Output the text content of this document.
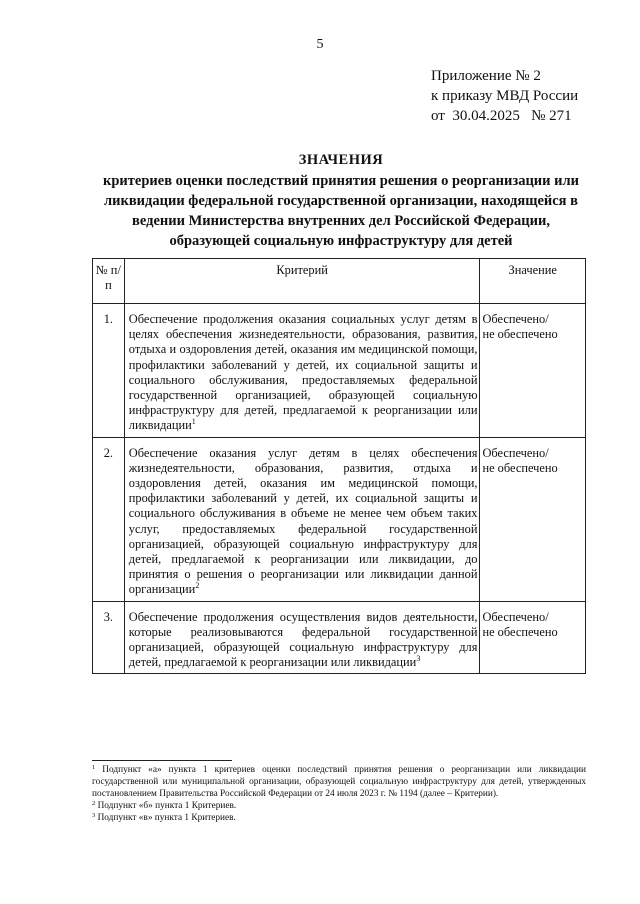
5
Приложение № 2
к приказу МВД России
от  30.04.2025   № 271
ЗНАЧЕНИЯ
критериев оценки последствий принятия решения о реорганизации или ликвидации федеральной государственной организации, находящейся в ведении Министерства внутренних дел Российской Федерации, образующей социальную инфраструктуру для детей
№ п/п	Критерий	Значение
1.	Обеспечение продолжения оказания социальных услуг детям в целях обеспечения жизнедеятельности, образования, развития, отдыха и оздоровления детей, оказания им медицинской помощи, профилактики заболеваний у детей, их социальной защиты и социального обслуживания, предоставляемых федеральной государственной организацией, образующей социальную инфраструктуру для детей, предлагаемой к реорганизации или ликвидации$^1$	Обеспечено/
не обеспечено
2.	Обеспечение оказания услуг детям в целях обеспечения жизнедеятельности, образования, развития, отдыха и оздоровления детей, оказания им медицинской помощи, профилактики заболеваний у детей, их социальной защиты и социального обслуживания в объеме не менее чем объем таких услуг, предоставляемых федеральной государственной организацией, образующей социальную инфраструктуру для детей, предлагаемой к реорганизации или ликвидации, до принятия о решения о реорганизации или ликвидации данной организации$^2$	Обеспечено/
не обеспечено
3.	Обеспечение продолжения осуществления видов деятельности, которые реализовываются федеральной государственной организацией, образующей социальную инфраструктуру для детей, предлагаемой к реорганизации или ликвидации$^3$	Обеспечено/
не обеспечено
$^1$ Подпункт «а» пункта 1 критериев оценки последствий принятия решения о реорганизации или ликвидации государственной или муниципальной организации, образующей социальную инфраструктуру для детей, утвержденных постановлением Правительства Российской Федерации от 24 июля 2023 г. № 1194 (далее – Критерии).
$^2$ Подпункт «б» пункта 1 Критериев.
$^3$ Подпункт «в» пункта 1 Критериев.
